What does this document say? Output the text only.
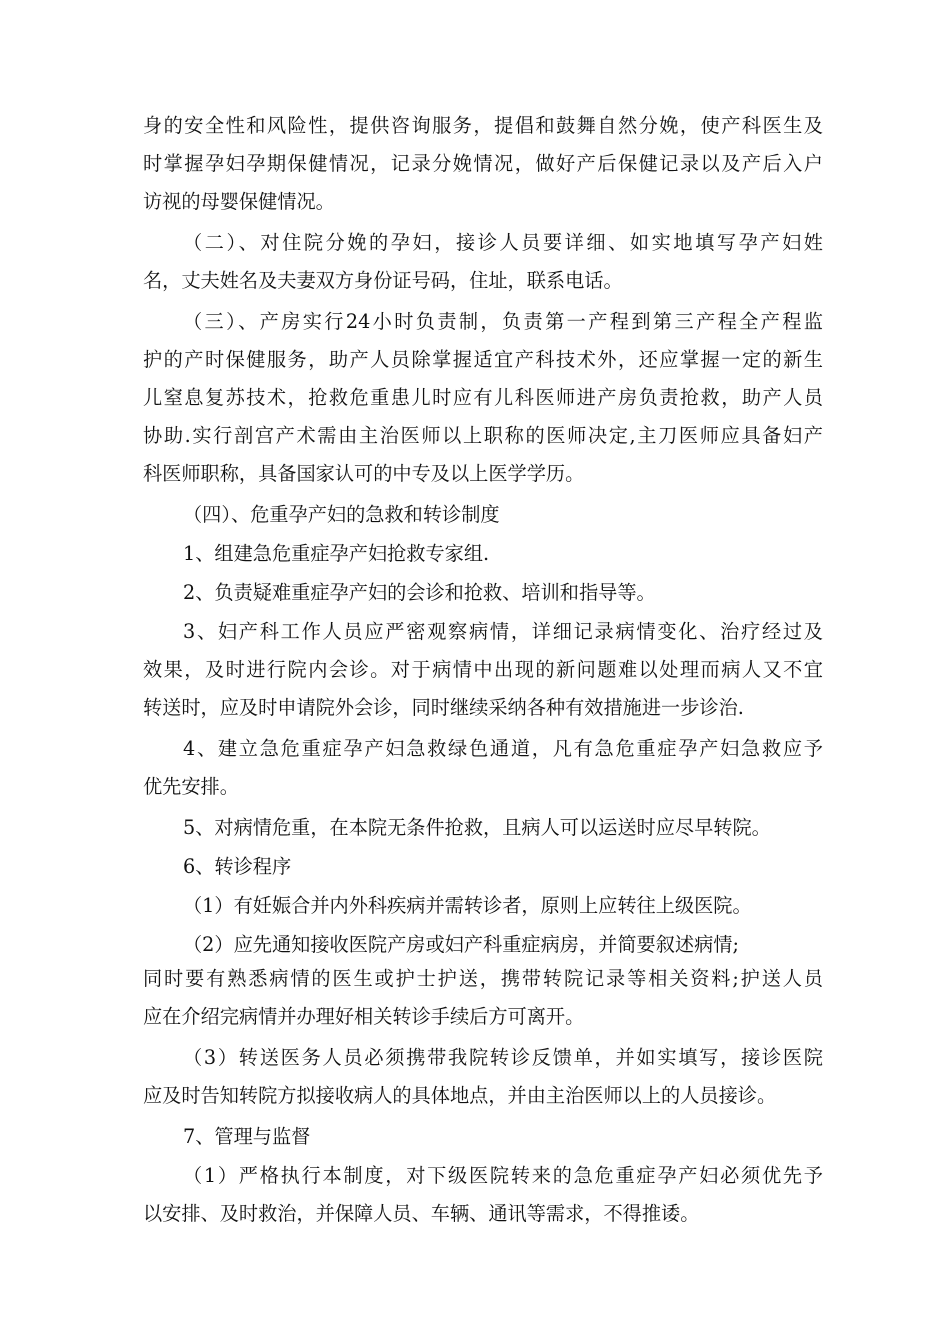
身的安全性和风险性，提供咨询服务，提倡和鼓舞自然分娩，使产科医生及
时掌握孕妇孕期保健情况，记录分娩情况，做好产后保健记录以及产后入户
访视的母婴保健情况。
（二）、对住院分娩的孕妇，接诊人员要详细、如实地填写孕产妇姓
名，丈夫姓名及夫妻双方身份证号码，住址，联系电话。
（三）、产房实行24小时负责制，负责第一产程到第三产程全产程监
护的产时保健服务，助产人员除掌握适宜产科技术外，还应掌握一定的新生
儿窒息复苏技术，抢救危重患儿时应有儿科医师进产房负责抢救，助产人员
协助.实行剖宫产术需由主治医师以上职称的医师决定,主刀医师应具备妇产
科医师职称，具备国家认可的中专及以上医学学历。
（四）、危重孕产妇的急救和转诊制度
1、组建急危重症孕产妇抢救专家组.
2、负责疑难重症孕产妇的会诊和抢救、培训和指导等。
3、妇产科工作人员应严密观察病情，详细记录病情变化、治疗经过及
效果，及时进行院内会诊。对于病情中出现的新问题难以处理而病人又不宜
转送时，应及时申请院外会诊，同时继续采纳各种有效措施进一步诊治.
4、建立急危重症孕产妇急救绿色通道，凡有急危重症孕产妇急救应予
优先安排。
5、对病情危重，在本院无条件抢救，且病人可以运送时应尽早转院。
6、转诊程序
（1）有妊娠合并内外科疾病并需转诊者，原则上应转往上级医院。
（2）应先通知接收医院产房或妇产科重症病房，并简要叙述病情;
同时要有熟悉病情的医生或护士护送，携带转院记录等相关资料;护送人员
应在介绍完病情并办理好相关转诊手续后方可离开。
（3）转送医务人员必须携带我院转诊反馈单，并如实填写，接诊医院
应及时告知转院方拟接收病人的具体地点，并由主治医师以上的人员接诊。
7、管理与监督
（1）严格执行本制度，对下级医院转来的急危重症孕产妇必须优先予
以安排、及时救治，并保障人员、车辆、通讯等需求，不得推诿。
